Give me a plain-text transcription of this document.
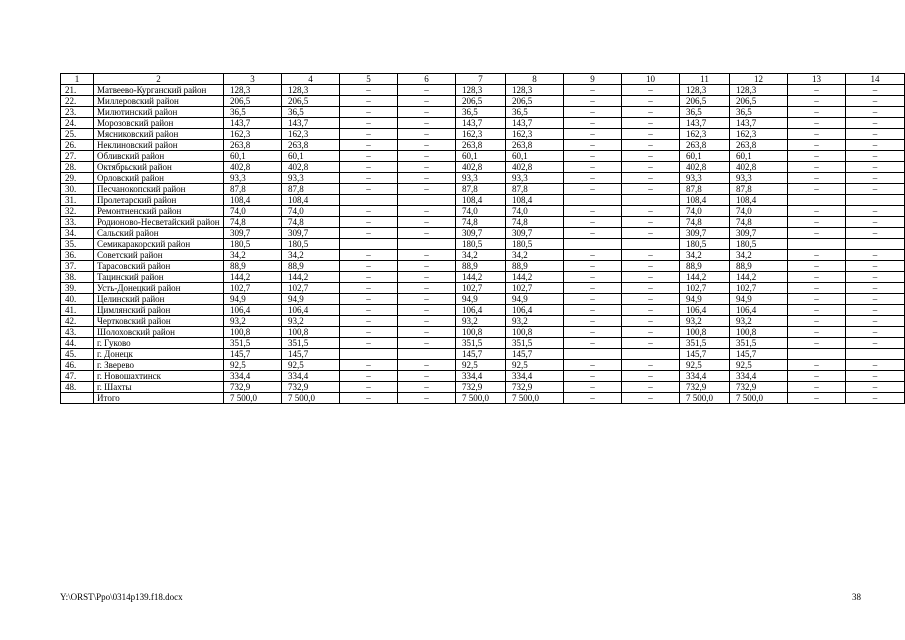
1	2	3	4	5	6	7	8	9	10	11	12	13	14
21.	Матвеево-Курганский район	128,3	128,3	–	–	128,3	128,3	–	–	128,3	128,3	–	–
22.	Миллеровский район	206,5	206,5	–	–	206,5	206,5	–	–	206,5	206,5	–	–
23.	Милютинский район	36,5	36,5	–	–	36,5	36,5	–	–	36,5	36,5	–	–
24.	Морозовский район	143,7	143,7	–	–	143,7	143,7	–	–	143,7	143,7	–	–
25.	Мясниковский район	162,3	162,3	–	–	162,3	162,3	–	–	162,3	162,3	–	–
26.	Неклиновский район	263,8	263,8	–	–	263,8	263,8	–	–	263,8	263,8	–	–
27.	Обливский район	60,1	60,1	–	–	60,1	60,1	–	–	60,1	60,1	–	–
28.	Октябрьский район	402,8	402,8	–	–	402,8	402,8	–	–	402,8	402,8	–	–
29.	Орловский район	93,3	93,3	–	–	93,3	93,3	–	–	93,3	93,3	–	–
30.	Песчанокопский район	87,8	87,8	–	–	87,8	87,8	–	–	87,8	87,8	–	–
31.	Пролетарский район	108,4	108,4			108,4	108,4			108,4	108,4		
32.	Ремонтненский район	74,0	74,0	–	–	74,0	74,0	–	–	74,0	74,0	–	–
33.	Родионово-Несветайский район	74,8	74,8	–	–	74,8	74,8	–	–	74,8	74,8	–	–
34.	Сальский район	309,7	309,7	–	–	309,7	309,7	–	–	309,7	309,7	–	–
35.	Семикаракорский район	180,5	180,5			180,5	180,5			180,5	180,5		
36.	Советский район	34,2	34,2	–	–	34,2	34,2	–	–	34,2	34,2	–	–
37.	Тарасовский район	88,9	88,9	–	–	88,9	88,9	–	–	88,9	88,9	–	–
38.	Тацинский район	144,2	144,2	–	–	144,2	144,2	–	–	144,2	144,2	–	–
39.	Усть-Донецкий район	102,7	102,7	–	–	102,7	102,7	–	–	102,7	102,7	–	–
40.	Целинский район	94,9	94,9	–	–	94,9	94,9	–	–	94,9	94,9	–	–
41.	Цимлянский район	106,4	106,4	–	–	106,4	106,4	–	–	106,4	106,4	–	–
42.	Чертковский район	93,2	93,2	–	–	93,2	93,2	–	–	93,2	93,2	–	–
43.	Шолоховский район	100,8	100,8	–	–	100,8	100,8	–	–	100,8	100,8	–	–
44.	г. Гуково	351,5	351,5	–	–	351,5	351,5	–	–	351,5	351,5	–	–
45.	г. Донецк	145,7	145,7			145,7	145,7			145,7	145,7		
46.	г. Зверево	92,5	92,5	–	–	92,5	92,5	–	–	92,5	92,5	–	–
47.	г. Новошахтинск	334,4	334,4	–	–	334,4	334,4	–	–	334,4	334,4	–	–
48.	г. Шахты	732,9	732,9	–	–	732,9	732,9	–	–	732,9	732,9	–	–
	Итого	7 500,0	7 500,0	–	–	7 500,0	7 500,0	–	–	7 500,0	7 500,0	–	–
Y:\ORST\Ppo\0314p139.f18.docx	38
